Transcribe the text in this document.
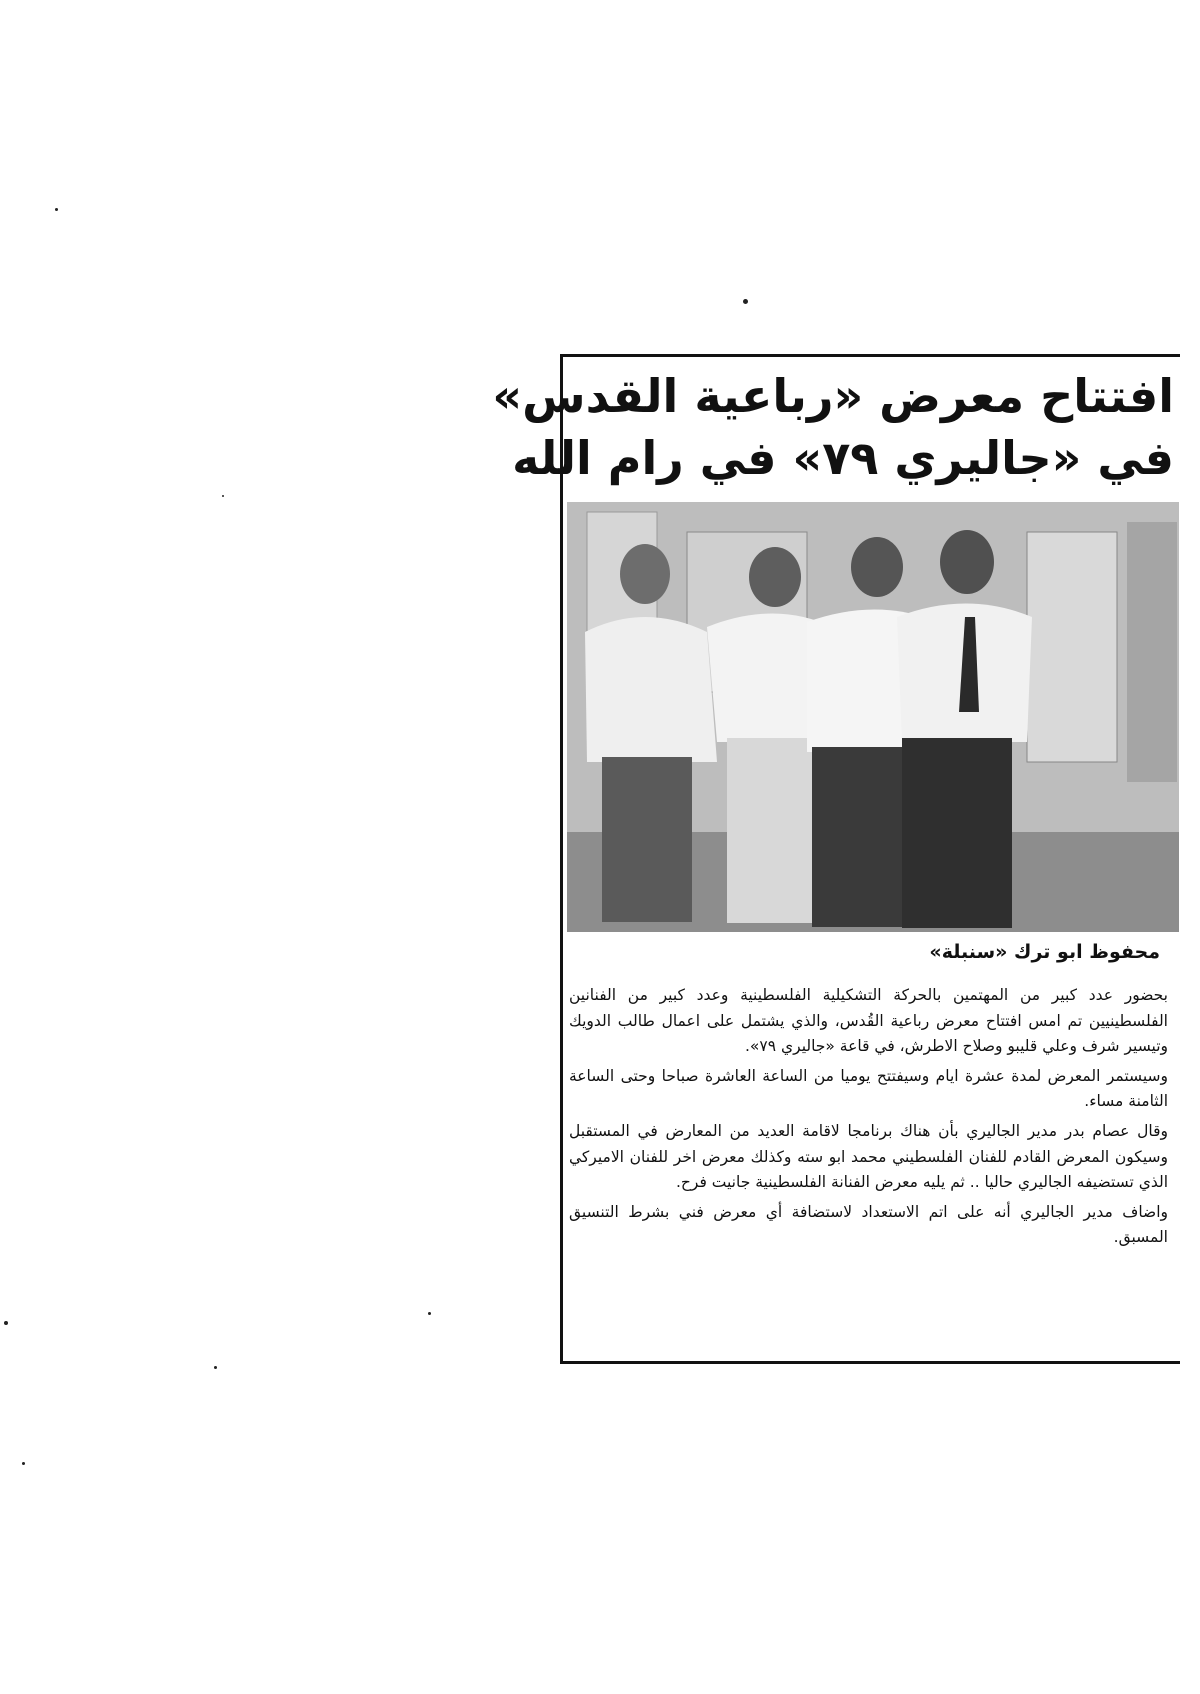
افتتاح معرض «رباعية القدس»
في «جاليري ٧٩» في رام الله
محفوظ ابو ترك «سنبلة»

بحضور عدد كبير من المهتمين بالحركة التشكيلية الفلسطينية وعدد كبير من الفنانين الفلسطينيين تم امس افتتاح معرض رباعية القُدس، والذي يشتمل على اعمال طالب الدويك وتيسير شرف وعلي قليبو وصلاح الاطرش، في قاعة «جاليري ٧٩».

وسيستمر المعرض لمدة عشرة ايام وسيفتتح يوميا من الساعة العاشرة صباحا وحتى الساعة الثامنة مساء.

وقال عصام بدر مدير الجاليري بأن هناك برنامجا لاقامة العديد من المعارض في المستقبل وسيكون المعرض القادم للفنان الفلسطيني محمد ابو سته وكذلك معرض اخر للفنان الاميركي الذي تستضيفه الجاليري حاليا .. ثم يليه معرض الفنانة الفلسطينية جانيت فرح.

واضاف مدير الجاليري أنه على اتم الاستعداد لاستضافة أي معرض فني بشرط التنسيق المسبق.
